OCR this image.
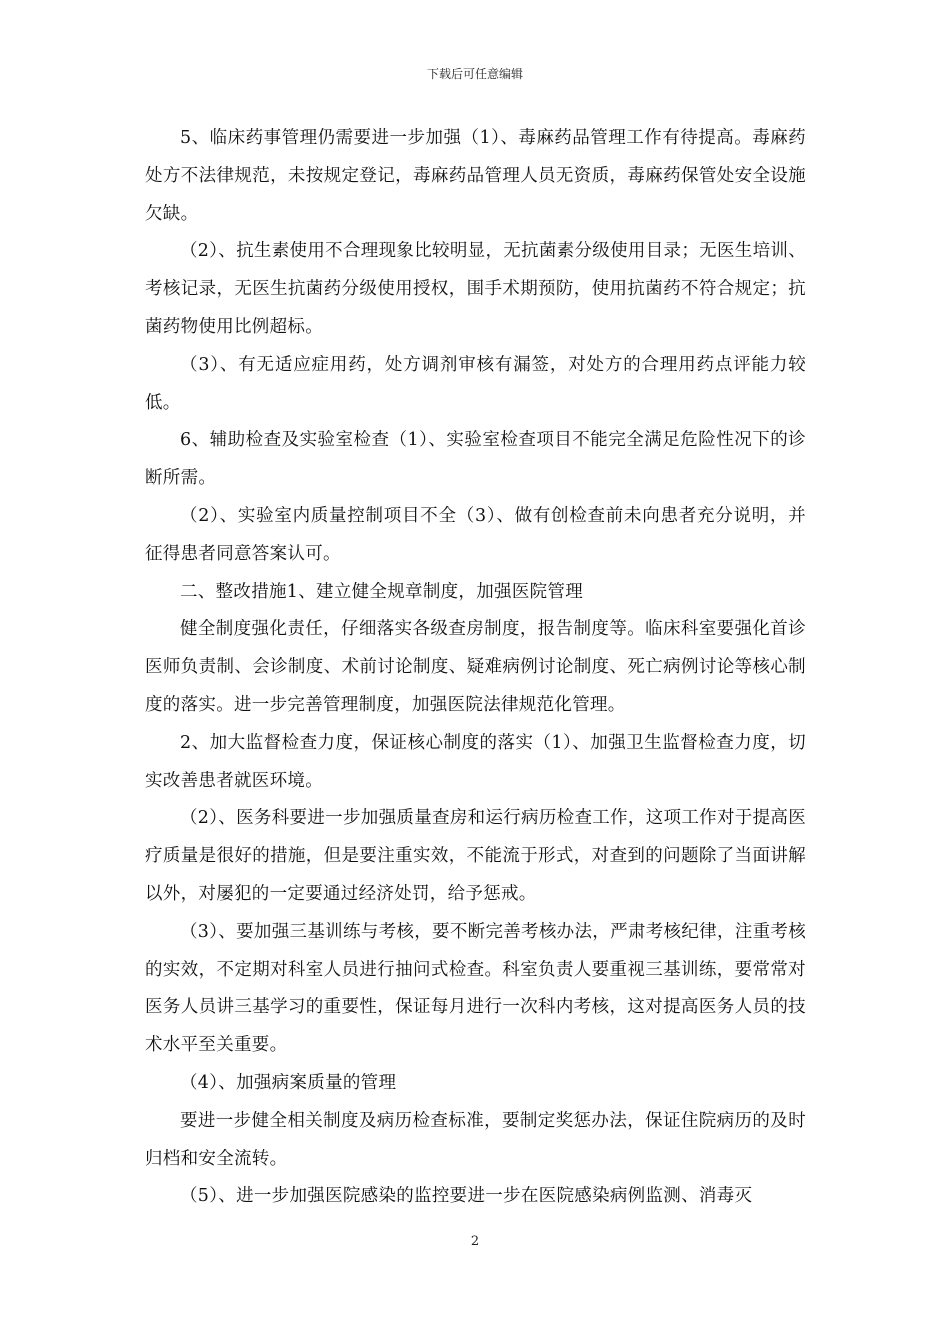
下载后可任意编辑

5、临床药事管理仍需要进一步加强（1）、毒麻药品管理工作有待提高。毒麻药处方不法律规范，未按规定登记，毒麻药品管理人员无资质，毒麻药保管处安全设施欠缺。

（2）、抗生素使用不合理现象比较明显，无抗菌素分级使用目录；无医生培训、考核记录，无医生抗菌药分级使用授权，围手术期预防，使用抗菌药不符合规定；抗菌药物使用比例超标。

（3）、有无适应症用药，处方调剂审核有漏签，对处方的合理用药点评能力较低。

6、辅助检查及实验室检查（1）、实验室检查项目不能完全满足危险性况下的诊断所需。

（2）、实验室内质量控制项目不全（3）、做有创检查前未向患者充分说明，并征得患者同意答案认可。

二、整改措施1、建立健全规章制度，加强医院管理

健全制度强化责任，仔细落实各级查房制度，报告制度等。临床科室要强化首诊医师负责制、会诊制度、术前讨论制度、疑难病例讨论制度、死亡病例讨论等核心制度的落实。进一步完善管理制度，加强医院法律规范化管理。

2、加大监督检查力度，保证核心制度的落实（1）、加强卫生监督检查力度，切实改善患者就医环境。

（2）、医务科要进一步加强质量查房和运行病历检查工作，这项工作对于提高医疗质量是很好的措施，但是要注重实效，不能流于形式，对查到的问题除了当面讲解以外，对屡犯的一定要通过经济处罚，给予惩戒。

（3）、要加强三基训练与考核，要不断完善考核办法，严肃考核纪律，注重考核的实效，不定期对科室人员进行抽问式检查。科室负责人要重视三基训练，要常常对医务人员讲三基学习的重要性，保证每月进行一次科内考核，这对提高医务人员的技术水平至关重要。

（4）、加强病案质量的管理

要进一步健全相关制度及病历检查标准，要制定奖惩办法，保证住院病历的及时归档和安全流转。

（5）、进一步加强医院感染的监控要进一步在医院感染病例监测、消毒灭

2
